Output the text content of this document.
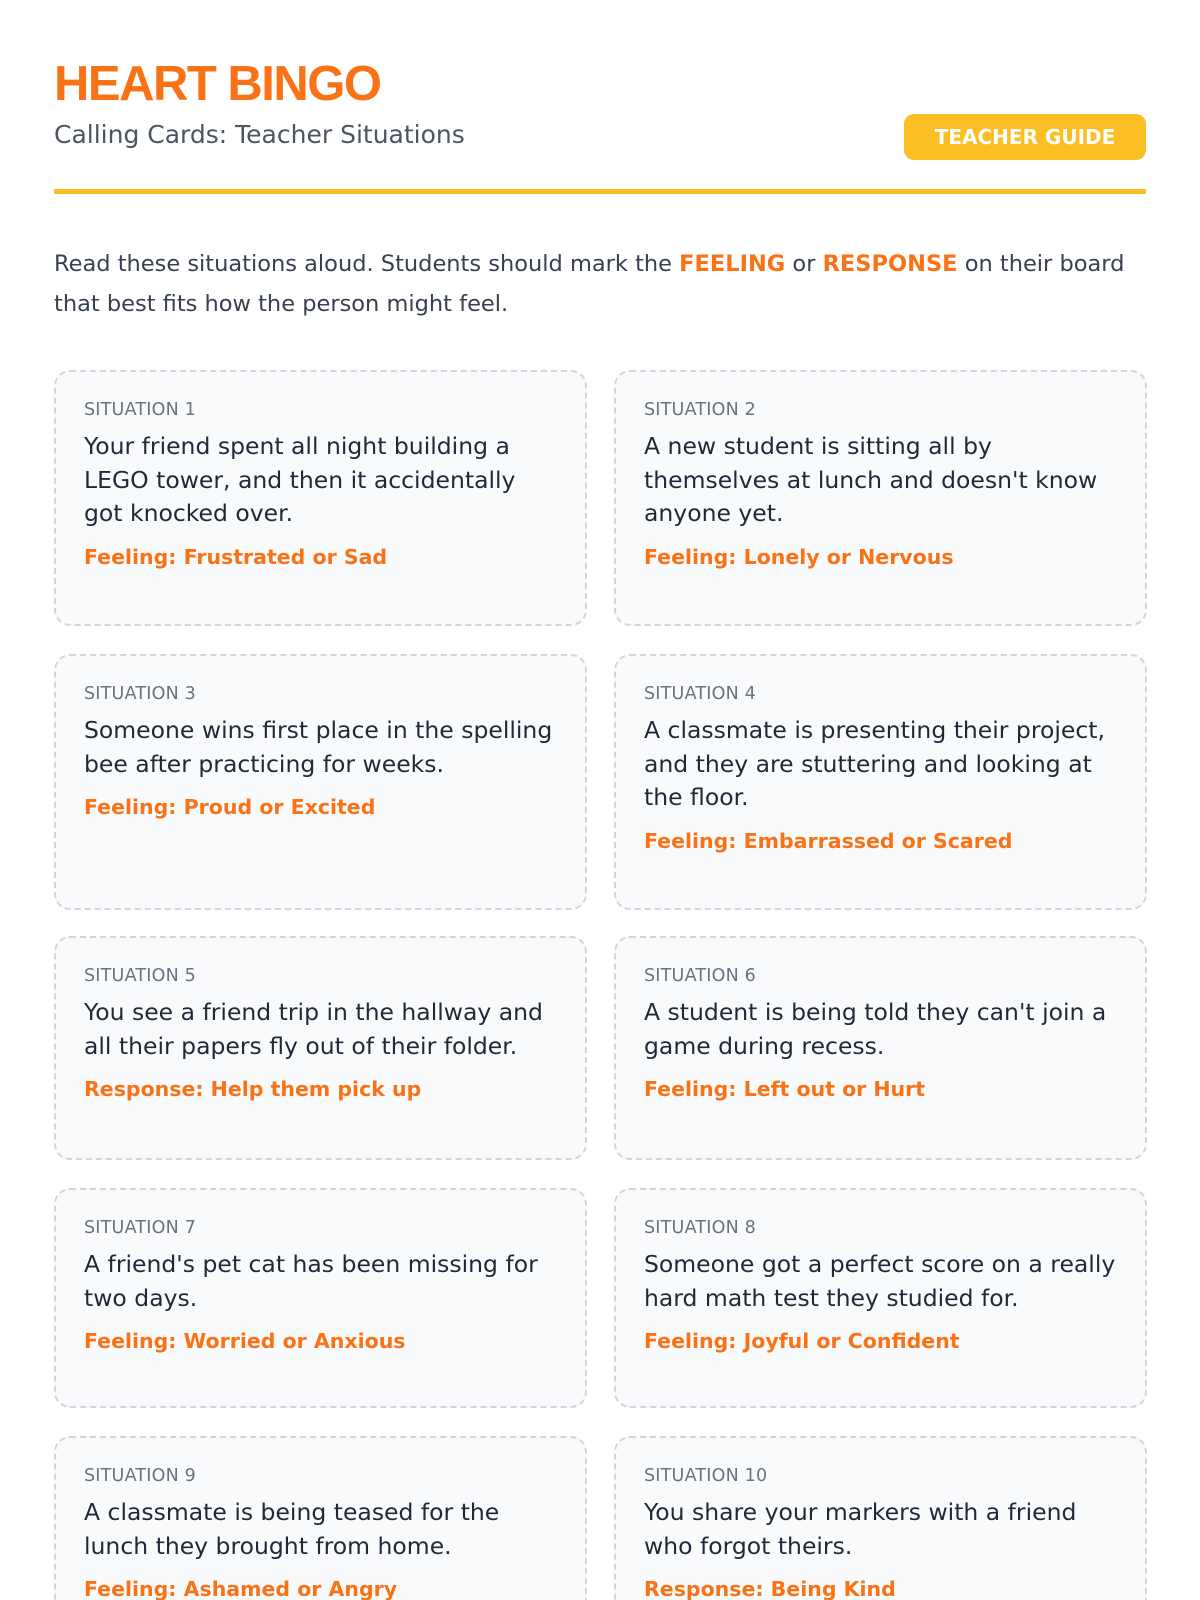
HEART BINGO
Calling Cards: Teacher Situations	TEACHER GUIDE

Read these situations aloud. Students should mark the FEELING or RESPONSE on their board that best fits how the person might feel.

SITUATION 1
Your friend spent all night building a LEGO tower, and then it accidentally got knocked over.
Feeling: Frustrated or Sad
SITUATION 2
A new student is sitting all by themselves at lunch and doesn't know anyone yet.
Feeling: Lonely or Nervous
SITUATION 3
Someone wins first place in the spelling bee after practicing for weeks.
Feeling: Proud or Excited
SITUATION 4
A classmate is presenting their project, and they are stuttering and looking at the floor.
Feeling: Embarrassed or Scared
SITUATION 5
You see a friend trip in the hallway and all their papers fly out of their folder.
Response: Help them pick up
SITUATION 6
A student is being told they can't join a game during recess.
Feeling: Left out or Hurt
SITUATION 7
A friend's pet cat has been missing for two days.
Feeling: Worried or Anxious
SITUATION 8
Someone got a perfect score on a really hard math test they studied for.
Feeling: Joyful or Confident
SITUATION 9
A classmate is being teased for the lunch they brought from home.
Feeling: Ashamed or Angry
SITUATION 10
You share your markers with a friend who forgot theirs.
Response: Being Kind
